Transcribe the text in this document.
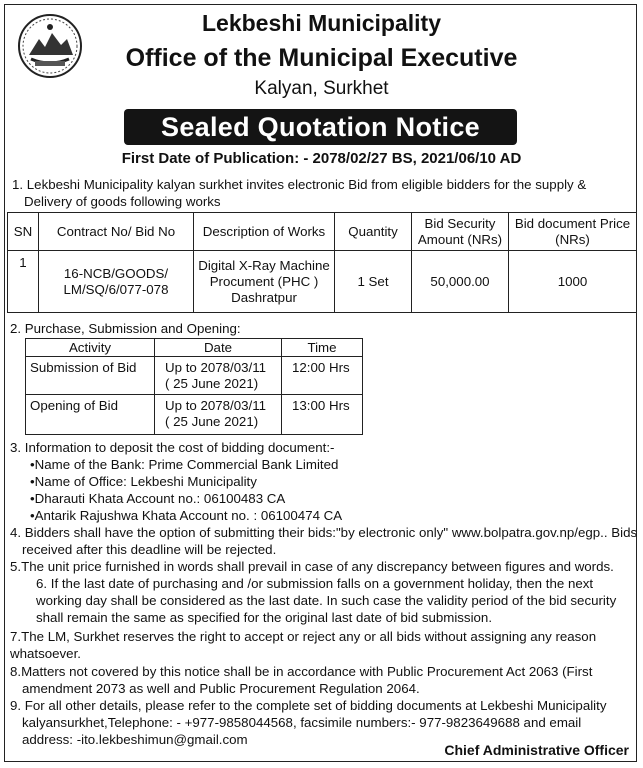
Lekbeshi Municipality
Office of the Municipal Executive
Kalyan, Surkhet
Sealed Quotation Notice
First Date of Publication: - 2078/02/27 BS, 2021/06/10 AD
1. Lekbeshi Municipality kalyan surkhet invites electronic Bid from eligible bidders for the supply &
Delivery of goods following works
SN	Contract No/ Bid No	Description of Works	Quantity	Bid Security Amount (NRs)	Bid document Price (NRs)
1	16-NCB/GOODS/LM/SQ/6/077-078	Digital X-Ray Machine Procument (PHC ) Dashratpur	1 Set	50,000.00	1000
2. Purchase, Submission and Opening:
Activity	Date	Time
Submission of Bid	Up to 2078/03/11
( 25 June 2021)	12:00 Hrs
Opening of Bid	Up to 2078/03/11
( 25 June 2021)	13:00 Hrs
3. Information to deposit the cost of bidding document:-
•Name of the Bank: Prime Commercial Bank Limited
•Name of Office: Lekbeshi Municipality
•Dharauti Khata Account no.: 06100483 CA
•Antarik Rajushwa Khata Account no. : 06100474 CA
4. Bidders shall have the option of submitting their bids:"by electronic only" www.bolpatra.gov.np/egp.. Bids
received after this deadline will be rejected.
5.The unit price furnished in words shall prevail in case of any discrepancy between figures and words.
6. If the last date of purchasing and /or submission falls on a government holiday, then the next
working day shall be considered as the last date. In such case the validity period of the bid security
shall remain the same as specified for the original last date of bid submission.
7.The LM, Surkhet reserves the right to accept or reject any or all bids without assigning any reason
whatsoever.
8.Matters not covered by this notice shall be in accordance with Public Procurement Act 2063 (First
amendment 2073 as well and Public Procurement Regulation 2064.
9. For all other details, please refer to the complete set of bidding documents at Lekbeshi Municipality
kalyansurkhet,Telephone: - +977-9858044568, facsimile numbers:- 977-9823649688 and email
address: -ito.lekbeshimun@gmail.com
Chief Administrative Officer
